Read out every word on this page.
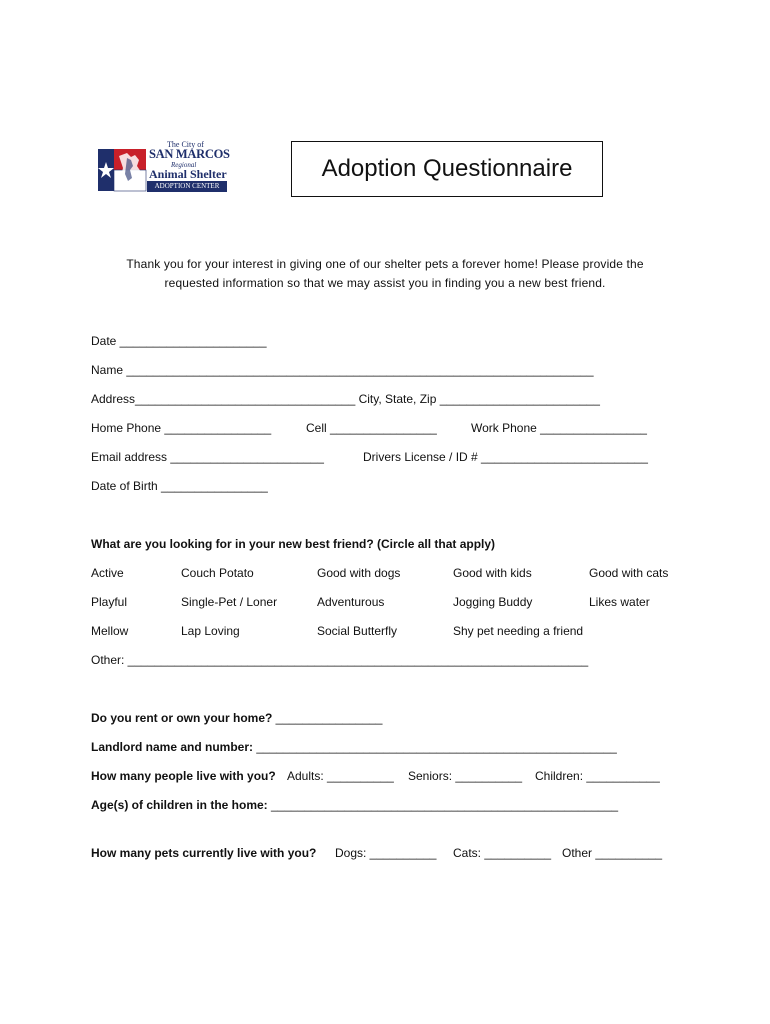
The City of
SAN MARCOS
Regional
Animal Shelter
ADOPTION CENTER
Adoption Questionnaire
Thank you for your interest in giving one of our shelter pets a forever home! Please provide the
requested information so that we may assist you in finding you a new best friend.
Date ______________________
Name ______________________________________________________________________
Address_________________________________ City, State, Zip ________________________
Home Phone ________________	Cell ________________	Work Phone ________________
Email address _______________________	Drivers License / ID # _________________________
Date of Birth ________________
What are you looking for in your new best friend? (Circle all that apply)
Active	Couch Potato	Good with dogs	Good with kids	Good with cats
Playful	Single-Pet / Loner	Adventurous	Jogging Buddy	Likes water
Mellow	Lap Loving	Social Butterfly	Shy pet needing a friend
Other: _____________________________________________________________________
Do you rent or own your home? ________________
Landlord name and number: ______________________________________________________
How many people live with you? Adults: __________ Seniors: __________ Children: ___________
Age(s) of children in the home: ____________________________________________________
How many pets currently live with you? Dogs: __________ Cats: __________ Other __________
